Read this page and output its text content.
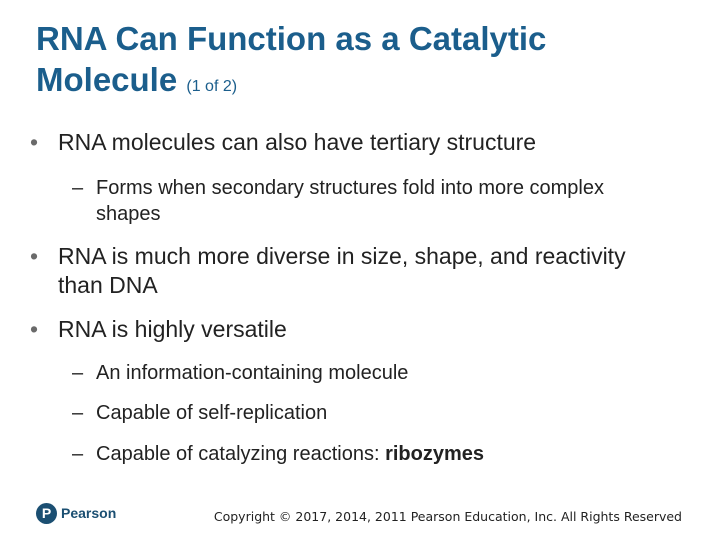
RNA Can Function as a Catalytic Molecule (1 of 2)
• RNA molecules can also have tertiary structure
– Forms when secondary structures fold into more complex shapes
• RNA is much more diverse in size, shape, and reactivity than DNA
• RNA is highly versatile
– An information-containing molecule
– Capable of self-replication
– Capable of catalyzing reactions: ribozymes
P Pearson	Copyright © 2017, 2014, 2011 Pearson Education, Inc. All Rights Reserved
